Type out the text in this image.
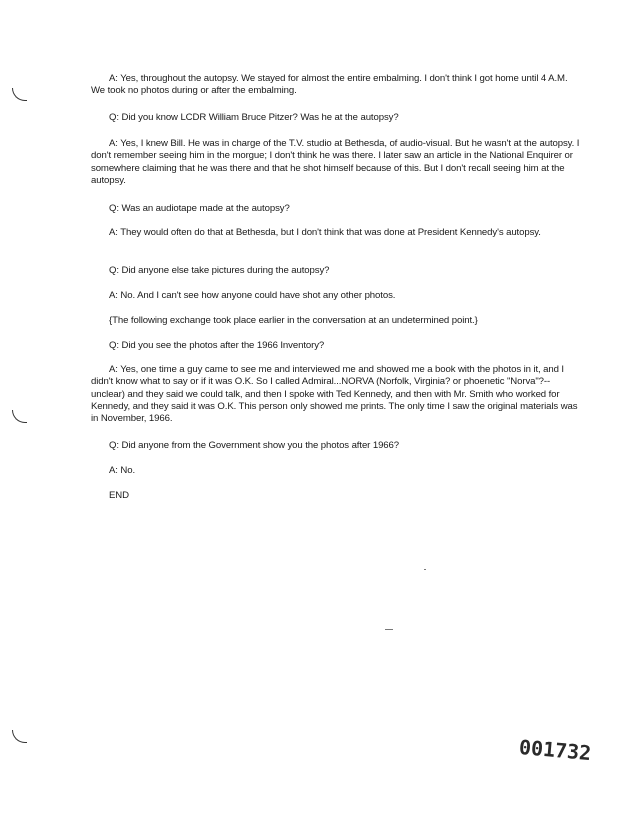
A: Yes, throughout the autopsy. We stayed for almost the entire embalming. I don't think I got home until 4 A.M. We took no photos during or after the embalming.

Q: Did you know LCDR William Bruce Pitzer? Was he at the autopsy?

A: Yes, I knew Bill. He was in charge of the T.V. studio at Bethesda, of audio-visual. But he wasn't at the autopsy. I don't remember seeing him in the morgue; I don't think he was there. I later saw an article in the National Enquirer or somewhere claiming that he was there and that he shot himself because of this. But I don't recall seeing him at the autopsy.

Q: Was an audiotape made at the autopsy?

A: They would often do that at Bethesda, but I don't think that was done at President Kennedy's autopsy.

Q: Did anyone else take pictures during the autopsy?

A: No. And I can't see how anyone could have shot any other photos.

{The following exchange took place earlier in the conversation at an undetermined point.}

Q: Did you see the photos after the 1966 Inventory?

A: Yes, one time a guy came to see me and interviewed me and showed me a book with the photos in it, and I didn't know what to say or if it was O.K. So I called Admiral...NORVA (Norfolk, Virginia? or phoenetic "Norva"?--unclear) and they said we could talk, and then I spoke with Ted Kennedy, and then with Mr. Smith who worked for Kennedy, and they said it was O.K. This person only showed me prints. The only time I saw the original materials was in November, 1966.

Q: Did anyone from the Government show you the photos after 1966?

A: No.

END

001732
